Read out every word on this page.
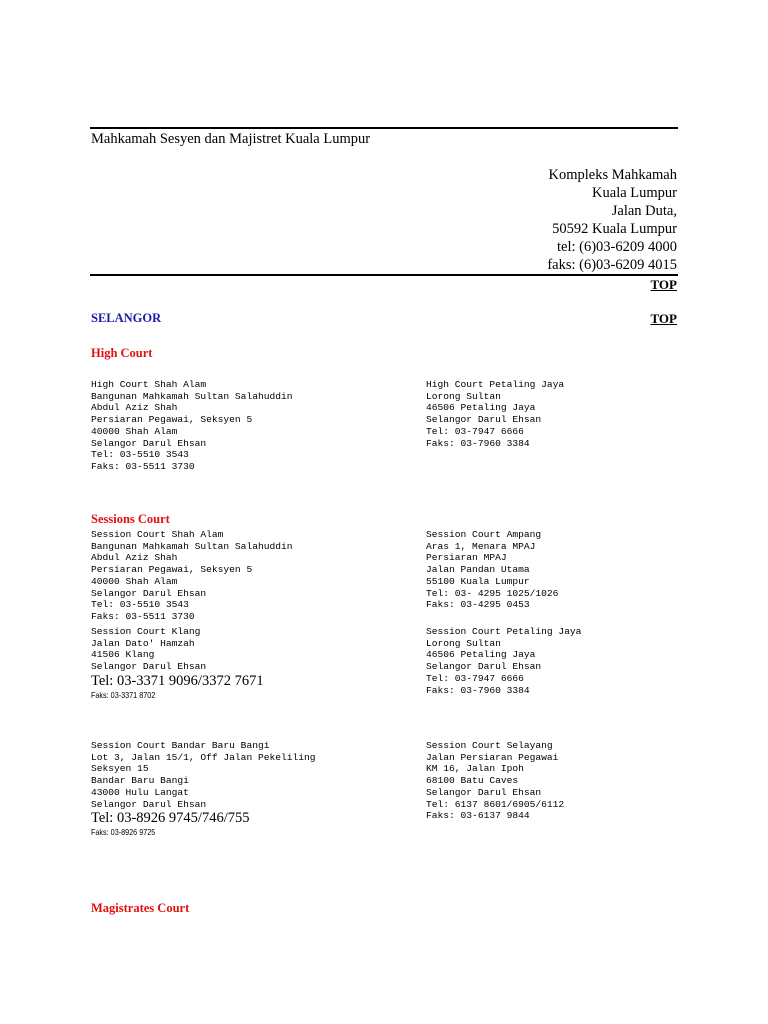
Mahkamah Sesyen dan Majistret Kuala Lumpur
Kompleks Mahkamah
Kuala Lumpur
Jalan Duta,
50592 Kuala Lumpur
tel: (6)03-6209 4000
faks: (6)03-6209 4015
TOP
SELANGOR	TOP
High Court
High Court Shah Alam
Bangunan Mahkamah Sultan Salahuddin
Abdul Aziz Shah
Persiaran Pegawai, Seksyen 5
40000 Shah Alam
Selangor Darul Ehsan
Tel: 03-5510 3543
Faks: 03-5511 3730
High Court Petaling Jaya
Lorong Sultan
46506 Petaling Jaya
Selangor Darul Ehsan
Tel: 03-7947 6666
Faks: 03-7960 3384
Sessions Court
Session Court Shah Alam
Bangunan Mahkamah Sultan Salahuddin
Abdul Aziz Shah
Persiaran Pegawai, Seksyen 5
40000 Shah Alam
Selangor Darul Ehsan
Tel: 03-5510 3543
Faks: 03-5511 3730
Session Court Ampang
Aras 1, Menara MPAJ
Persiaran MPAJ
Jalan Pandan Utama
55100 Kuala Lumpur
Tel: 03- 4295 1025/1026
Faks: 03-4295 0453
Session Court Klang
Jalan Dato' Hamzah
41506 Klang
Selangor Darul Ehsan
Tel: 03-3371 9096/3372 7671
Faks: 03-3371 8702
Session Court Petaling Jaya
Lorong Sultan
46506 Petaling Jaya
Selangor Darul Ehsan
Tel: 03-7947 6666
Faks: 03-7960 3384
Session Court Bandar Baru Bangi
Lot 3, Jalan 15/1, Off Jalan Pekeliling
Seksyen 15
Bandar Baru Bangi
43000 Hulu Langat
Selangor Darul Ehsan
Tel: 03-8926 9745/746/755
Faks: 03-8926 9725
Session Court Selayang
Jalan Persiaran Pegawai
KM 16, Jalan Ipoh
68100 Batu Caves
Selangor Darul Ehsan
Tel: 6137 8601/6905/6112
Faks: 03-6137 9844
Magistrates Court
